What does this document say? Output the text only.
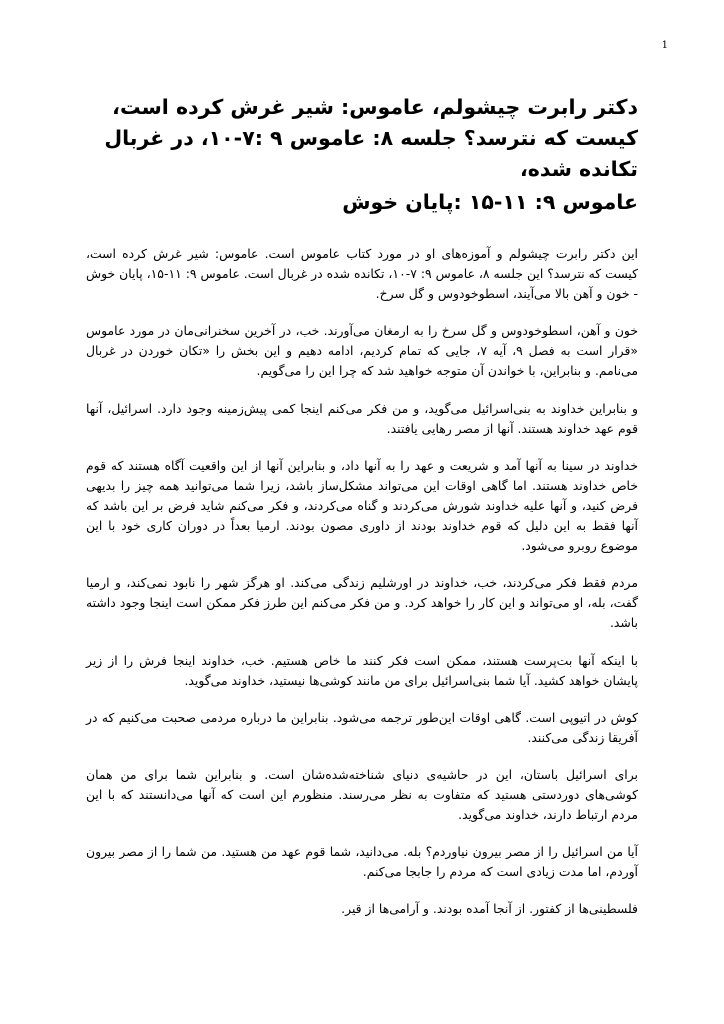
1
دکتر رابرت چیشولم، عاموس: شیر غرش کرده است،
کیست که نترسد؟ جلسه ۸: عاموس ۹ :۷-۱۰، در غربال تکانده شده،
عاموس ۹: ۱۱-۱۵ :پایان خوش

این دکتر رابرت چیشولم و آموزه‌های او در مورد کتاب عاموس است. عاموس: شیر غرش کرده است، کیست که نترسد؟ این جلسه ۸، عاموس ۹: ۷-۱۰، تکانده شده در غربال است. عاموس ۹: ۱۱-۱۵، پایان خوش - خون و آهن بالا می‌آیند، اسطوخودوس و گل سرخ.

خون و آهن، اسطوخودوس و گل سرخ را به ارمغان می‌آورند. خب، در آخرین سخنرانی‌مان در مورد عاموس «قرار است به فصل ۹، آیه ۷، جایی که تمام کردیم، ادامه دهیم و این بخش را «تکان خوردن در غربال می‌نامم. و بنابراین، با خواندن آن متوجه خواهید شد که چرا این را می‌گویم.

و بنابراین خداوند به بنی‌اسرائیل می‌گوید، و من فکر می‌کنم اینجا کمی پیش‌زمینه وجود دارد. اسرائیل، آنها قوم عهد خداوند هستند. آنها از مصر رهایی یافتند.

خداوند در سینا به آنها آمد و شریعت و عهد را به آنها داد، و بنابراین آنها از این واقعیت آگاه هستند که قوم خاص خداوند هستند. اما گاهی اوقات این می‌تواند مشکل‌ساز باشد، زیرا شما می‌توانید همه چیز را بدیهی فرض کنید، و آنها علیه خداوند شورش می‌کردند و گناه می‌کردند، و فکر می‌کنم شاید فرض بر این باشد که آنها فقط به این دلیل که قوم خداوند بودند از داوری مصون بودند. ارمیا بعداً در دوران کاری خود با این موضوع روبرو می‌شود.

مردم فقط فکر می‌کردند، خب، خداوند در اورشلیم زندگی می‌کند. او هرگز شهر را نابود نمی‌کند، و ارمیا گفت، بله، او می‌تواند و این کار را خواهد کرد. و من فکر می‌کنم این طرز فکر ممکن است اینجا وجود داشته باشد.

با اینکه آنها بت‌پرست هستند، ممکن است فکر کنند ما خاص هستیم. خب، خداوند اینجا فرش را از زیر پایشان خواهد کشید. آیا شما بنی‌اسرائیل برای من مانند کوشی‌ها نیستید، خداوند می‌گوید.

کوش در اتیوپی است. گاهی اوقات این‌طور ترجمه می‌شود. بنابراین ما درباره مردمی صحبت می‌کنیم که در آفریقا زندگی می‌کنند.

برای اسرائیل باستان، این در حاشیه‌ی دنیای شناخته‌شده‌شان است. و بنابراین شما برای من همان کوشی‌های دوردستی هستید که متفاوت به نظر می‌رسند. منظورم این است که آنها می‌دانستند که با این مردم ارتباط دارند، خداوند می‌گوید.

آیا من اسرائیل را از مصر بیرون نیاوردم؟ بله. می‌دانید، شما قوم عهد من هستید. من شما را از مصر بیرون آوردم، اما مدت زیادی است که مردم را جابجا می‌کنم.

فلسطینی‌ها از کفتور. از آنجا آمده بودند. و آرامی‌ها از قیر.
